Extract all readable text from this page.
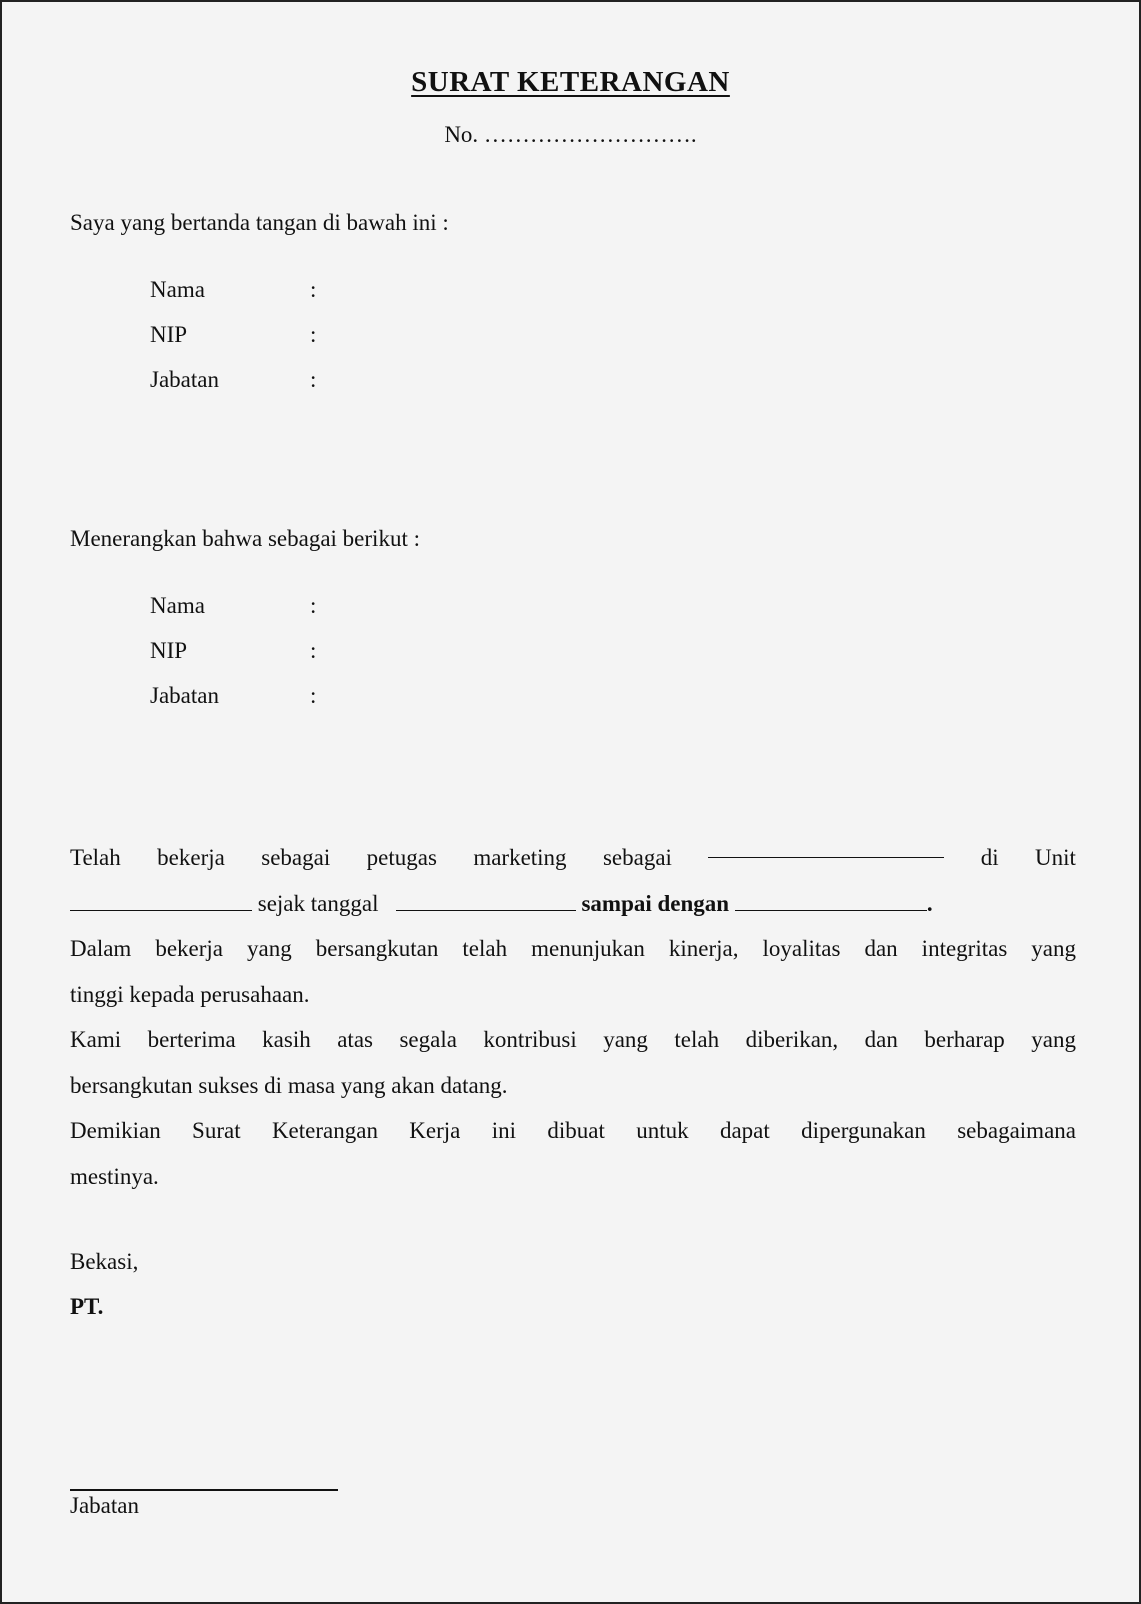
SURAT KETERANGAN
No. ……………………….
Saya yang bertanda tangan di bawah ini :
Nama	:
NIP	:
Jabatan	:
Menerangkan bahwa sebagai berikut :
Nama	:
NIP	:
Jabatan	:
Telah bekerja sebagai petugas marketing sebagai	di Unit
sejak tanggal	sampai dengan	.
Dalam bekerja yang bersangkutan telah menunjukan kinerja, loyalitas dan integritas yang
tinggi kepada perusahaan.
Kami berterima kasih atas segala kontribusi yang telah diberikan, dan berharap yang
bersangkutan sukses di masa yang akan datang.
Demikian Surat Keterangan Kerja ini dibuat untuk dapat dipergunakan sebagaimana
mestinya.
Bekasi,
PT.
Jabatan
